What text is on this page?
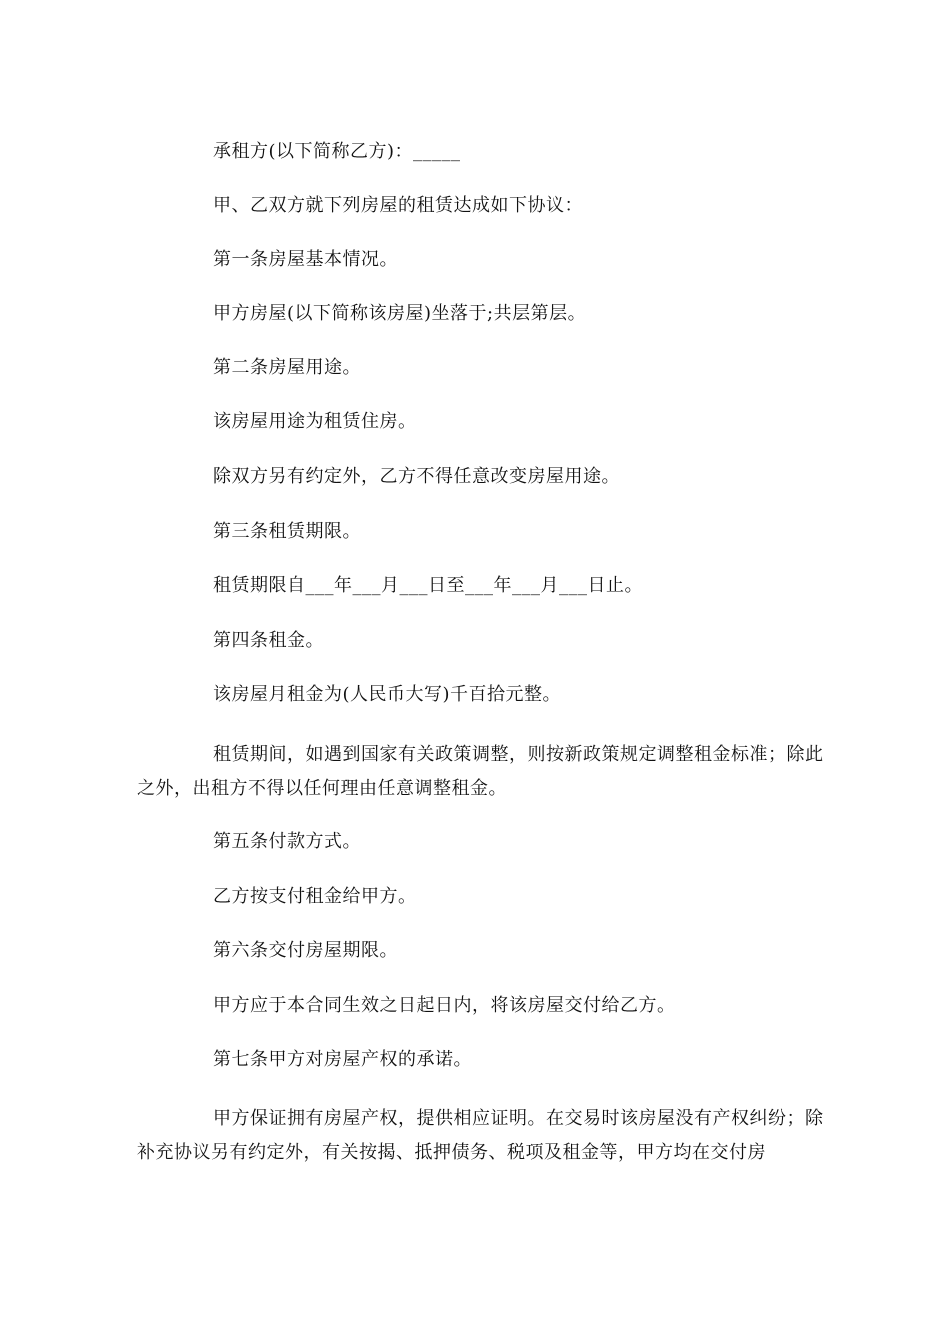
承租方(以下简称乙方)：_____

甲、乙双方就下列房屋的租赁达成如下协议：

第一条房屋基本情况。

甲方房屋(以下简称该房屋)坐落于;共层第层。

第二条房屋用途。

该房屋用途为租赁住房。

除双方另有约定外，乙方不得任意改变房屋用途。

第三条租赁期限。

租赁期限自___年___月___日至___年___月___日止。

第四条租金。

该房屋月租金为(人民币大写)千百拾元整。

租赁期间，如遇到国家有关政策调整，则按新政策规定调整租金标准；除此之外，出租方不得以任何理由任意调整租金。

第五条付款方式。

乙方按支付租金给甲方。

第六条交付房屋期限。

甲方应于本合同生效之日起日内，将该房屋交付给乙方。

第七条甲方对房屋产权的承诺。

甲方保证拥有房屋产权，提供相应证明。在交易时该房屋没有产权纠纷；除补充协议另有约定外，有关按揭、抵押债务、税项及租金等，甲方均在交付房
